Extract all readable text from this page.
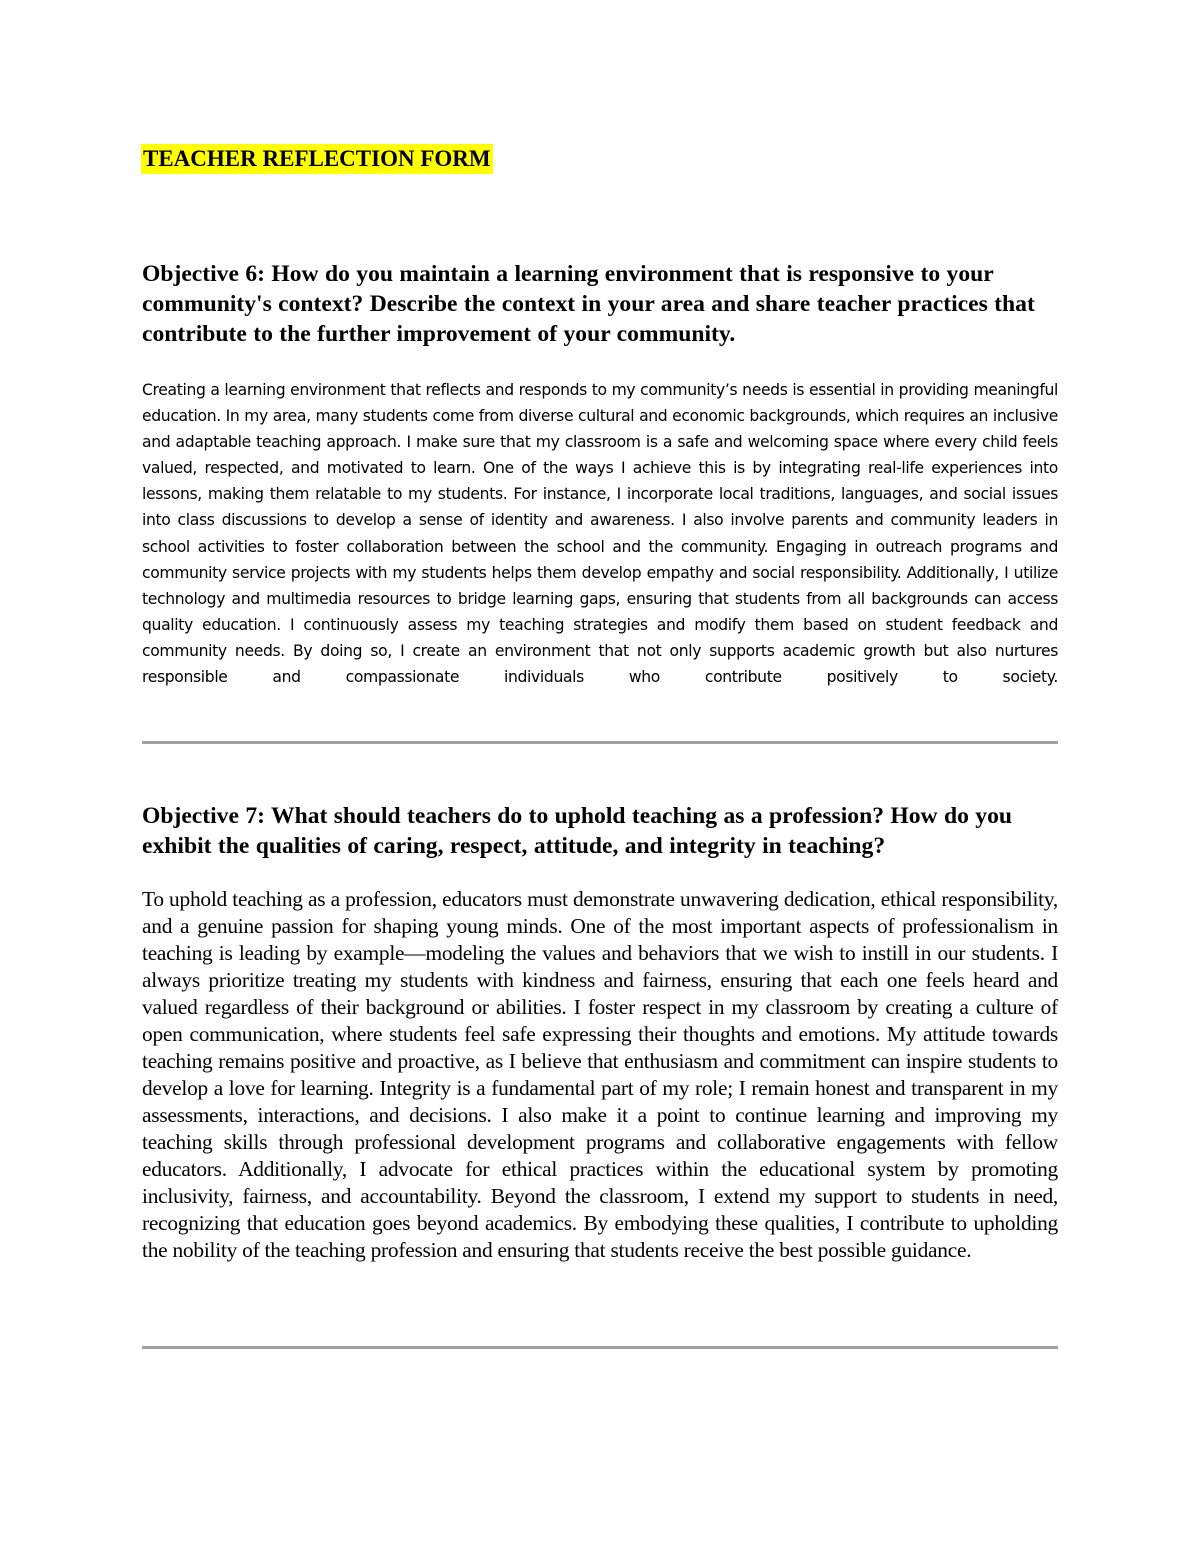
TEACHER REFLECTION FORM
Objective 6: How do you maintain a learning environment that is responsive to your community's context? Describe the context in your area and share teacher practices that contribute to the further improvement of your community.

Creating a learning environment that reflects and responds to my community’s needs is essential in providing meaningful education. In my area, many students come from diverse cultural and economic backgrounds, which requires an inclusive and adaptable teaching approach. I make sure that my classroom is a safe and welcoming space where every child feels valued, respected, and motivated to learn. One of the ways I achieve this is by integrating real-life experiences into lessons, making them relatable to my students. For instance, I incorporate local traditions, languages, and social issues into class discussions to develop a sense of identity and awareness. I also involve parents and community leaders in school activities to foster collaboration between the school and the community. Engaging in outreach programs and community service projects with my students helps them develop empathy and social responsibility. Additionally, I utilize technology and multimedia resources to bridge learning gaps, ensuring that students from all backgrounds can access quality education. I continuously assess my teaching strategies and modify them based on student feedback and community needs. By doing so, I create an environment that not only supports academic growth but also nurtures responsible and compassionate individuals who contribute positively to society.

Objective 7: What should teachers do to uphold teaching as a profession? How do you exhibit the qualities of caring, respect, attitude, and integrity in teaching?

To uphold teaching as a profession, educators must demonstrate unwavering dedication, ethical responsibility, and a genuine passion for shaping young minds. One of the most important aspects of professionalism in teaching is leading by example—modeling the values and behaviors that we wish to instill in our students. I always prioritize treating my students with kindness and fairness, ensuring that each one feels heard and valued regardless of their background or abilities. I foster respect in my classroom by creating a culture of open communication, where students feel safe expressing their thoughts and emotions. My attitude towards teaching remains positive and proactive, as I believe that enthusiasm and commitment can inspire students to develop a love for learning. Integrity is a fundamental part of my role; I remain honest and transparent in my assessments, interactions, and decisions. I also make it a point to continue learning and improving my teaching skills through professional development programs and collaborative engagements with fellow educators. Additionally, I advocate for ethical practices within the educational system by promoting inclusivity, fairness, and accountability. Beyond the classroom, I extend my support to students in need, recognizing that education goes beyond academics. By embodying these qualities, I contribute to upholding the nobility of the teaching profession and ensuring that students receive the best possible guidance.
